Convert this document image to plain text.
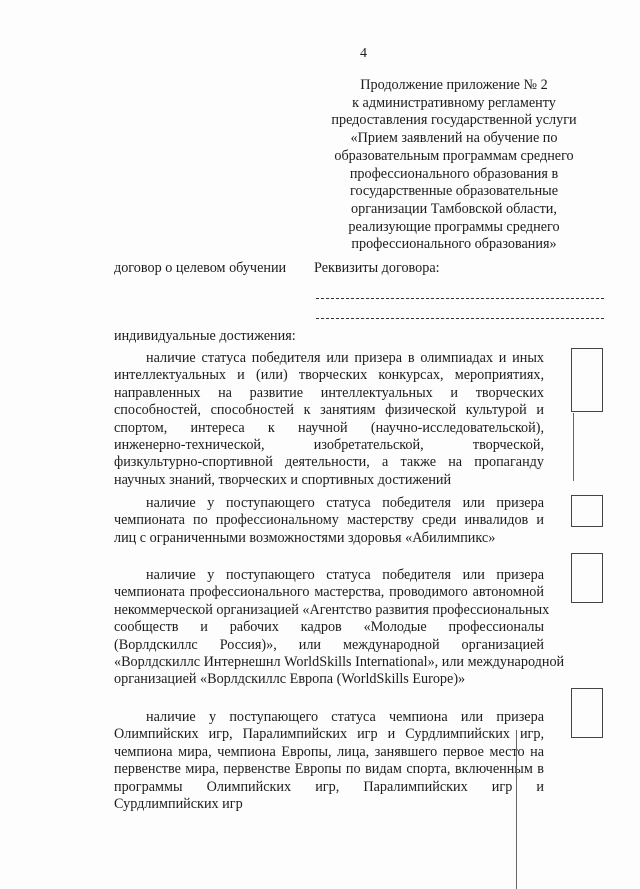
4
Продолжение приложение № 2
к административному регламенту
предоставления государственной услуги
«Прием заявлений на обучение по
образовательным программам среднего
профессионального образования в
государственные образовательные
организации Тамбовской области,
реализующие программы среднего
профессионального образования»
договор о целевом обучении Реквизиты договора:
индивидуальные достижения:
наличие статуса победителя или призера в олимпиадах и иных
интеллектуальных и (или) творческих конкурсах, мероприятиях,
направленных на развитие интеллектуальных и творческих
способностей, способностей к занятиям физической культурой и
спортом, интереса к научной (научно-исследовательской),
инженерно-технической, изобретательской, творческой,
физкультурно-спортивной деятельности, а также на пропаганду
научных знаний, творческих и спортивных достижений
наличие у поступающего статуса победителя или призера
чемпионата по профессиональному мастерству среди инвалидов и
лиц с ограниченными возможностями здоровья «Абилимпикс»
наличие у поступающего статуса победителя или призера
чемпионата профессионального мастерства, проводимого автономной
некоммерческой организацией «Агентство развития профессиональных
сообществ и рабочих кадров «Молодые профессионалы
(Ворлдскиллс Россия)», или международной организацией
«Ворлдскиллс Интернешнл WorldSkills International», или международной
организацией «Ворлдскиллс Европа (WorldSkills Europe)»
наличие у поступающего статуса чемпиона или призера
Олимпийских игр, Паралимпийских игр и Сурдлимпийских игр,
чемпиона мира, чемпиона Европы, лица, занявшего первое место на
первенстве мира, первенстве Европы по видам спорта, включенным в
программы Олимпийских игр, Паралимпийских игр и
Сурдлимпийских игр
